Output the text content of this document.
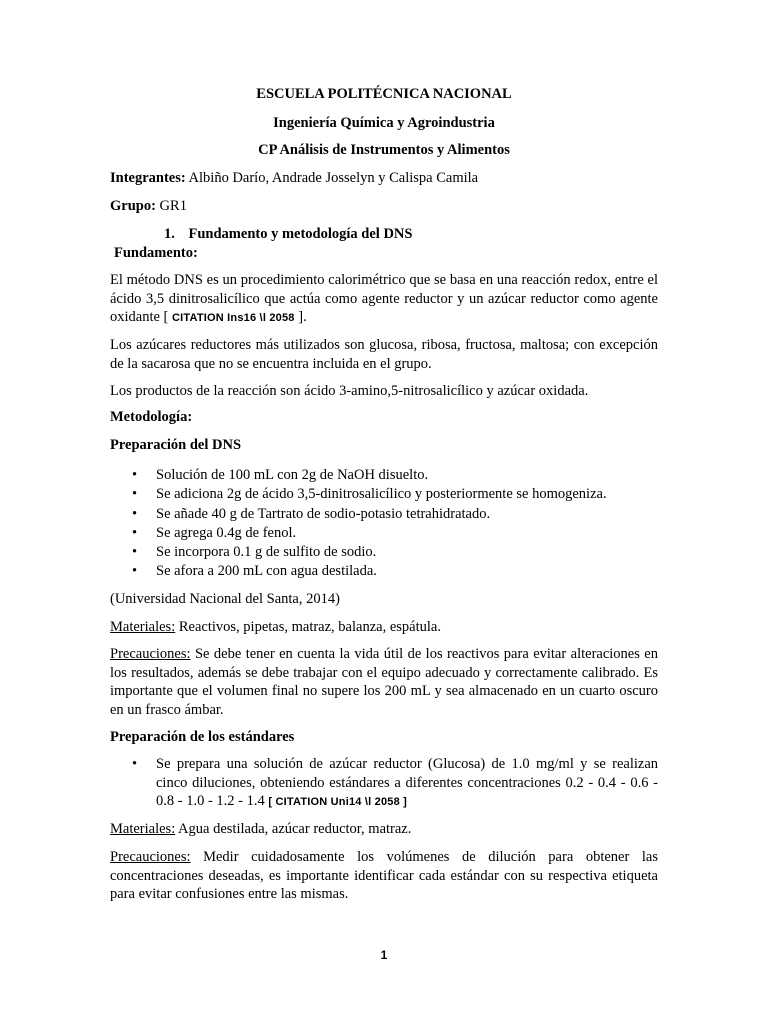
ESCUELA POLITÉCNICA NACIONAL
Ingeniería Química y Agroindustria
CP Análisis de Instrumentos y Alimentos
Integrantes: Albiño Darío, Andrade Josselyn y Calispa Camila
Grupo: GR1
1. Fundamento y metodología del DNS
Fundamento:
El método DNS es un procedimiento calorimétrico que se basa en una reacción redox, entre el ácido 3,5 dinitrosalicílico que actúa como agente reductor y un azúcar reductor como agente oxidante [ CITATION Ins16 \l 2058 ].
Los azúcares reductores más utilizados son glucosa, ribosa, fructosa, maltosa; con excepción de la sacarosa que no se encuentra incluida en el grupo.
Los productos de la reacción son ácido 3-amino,5-nitrosalicílico y azúcar oxidada.
Metodología:
Preparación del DNS
• Solución de 100 mL con 2g de NaOH disuelto.
• Se adiciona 2g de ácido 3,5-dinitrosalicílico y posteriormente se homogeniza.
• Se añade 40 g de Tartrato de sodio-potasio tetrahidratado.
• Se agrega 0.4g de fenol.
• Se incorpora 0.1 g de sulfito de sodio.
• Se afora a 200 mL con agua destilada.
(Universidad Nacional del Santa, 2014)
Materiales: Reactivos, pipetas, matraz, balanza, espátula.
Precauciones: Se debe tener en cuenta la vida útil de los reactivos para evitar alteraciones en los resultados, además se debe trabajar con el equipo adecuado y correctamente calibrado. Es importante que el volumen final no supere los 200 mL y sea almacenado en un cuarto oscuro en un frasco ámbar.
Preparación de los estándares
• Se prepara una solución de azúcar reductor (Glucosa) de 1.0 mg/ml y se realizan cinco diluciones, obteniendo estándares a diferentes concentraciones 0.2 - 0.4 - 0.6 - 0.8 - 1.0 - 1.2 - 1.4 [ CITATION Uni14 \l 2058 ]
Materiales: Agua destilada, azúcar reductor, matraz.
Precauciones: Medir cuidadosamente los volúmenes de dilución para obtener las concentraciones deseadas, es importante identificar cada estándar con su respectiva etiqueta para evitar confusiones entre las mismas.
1
